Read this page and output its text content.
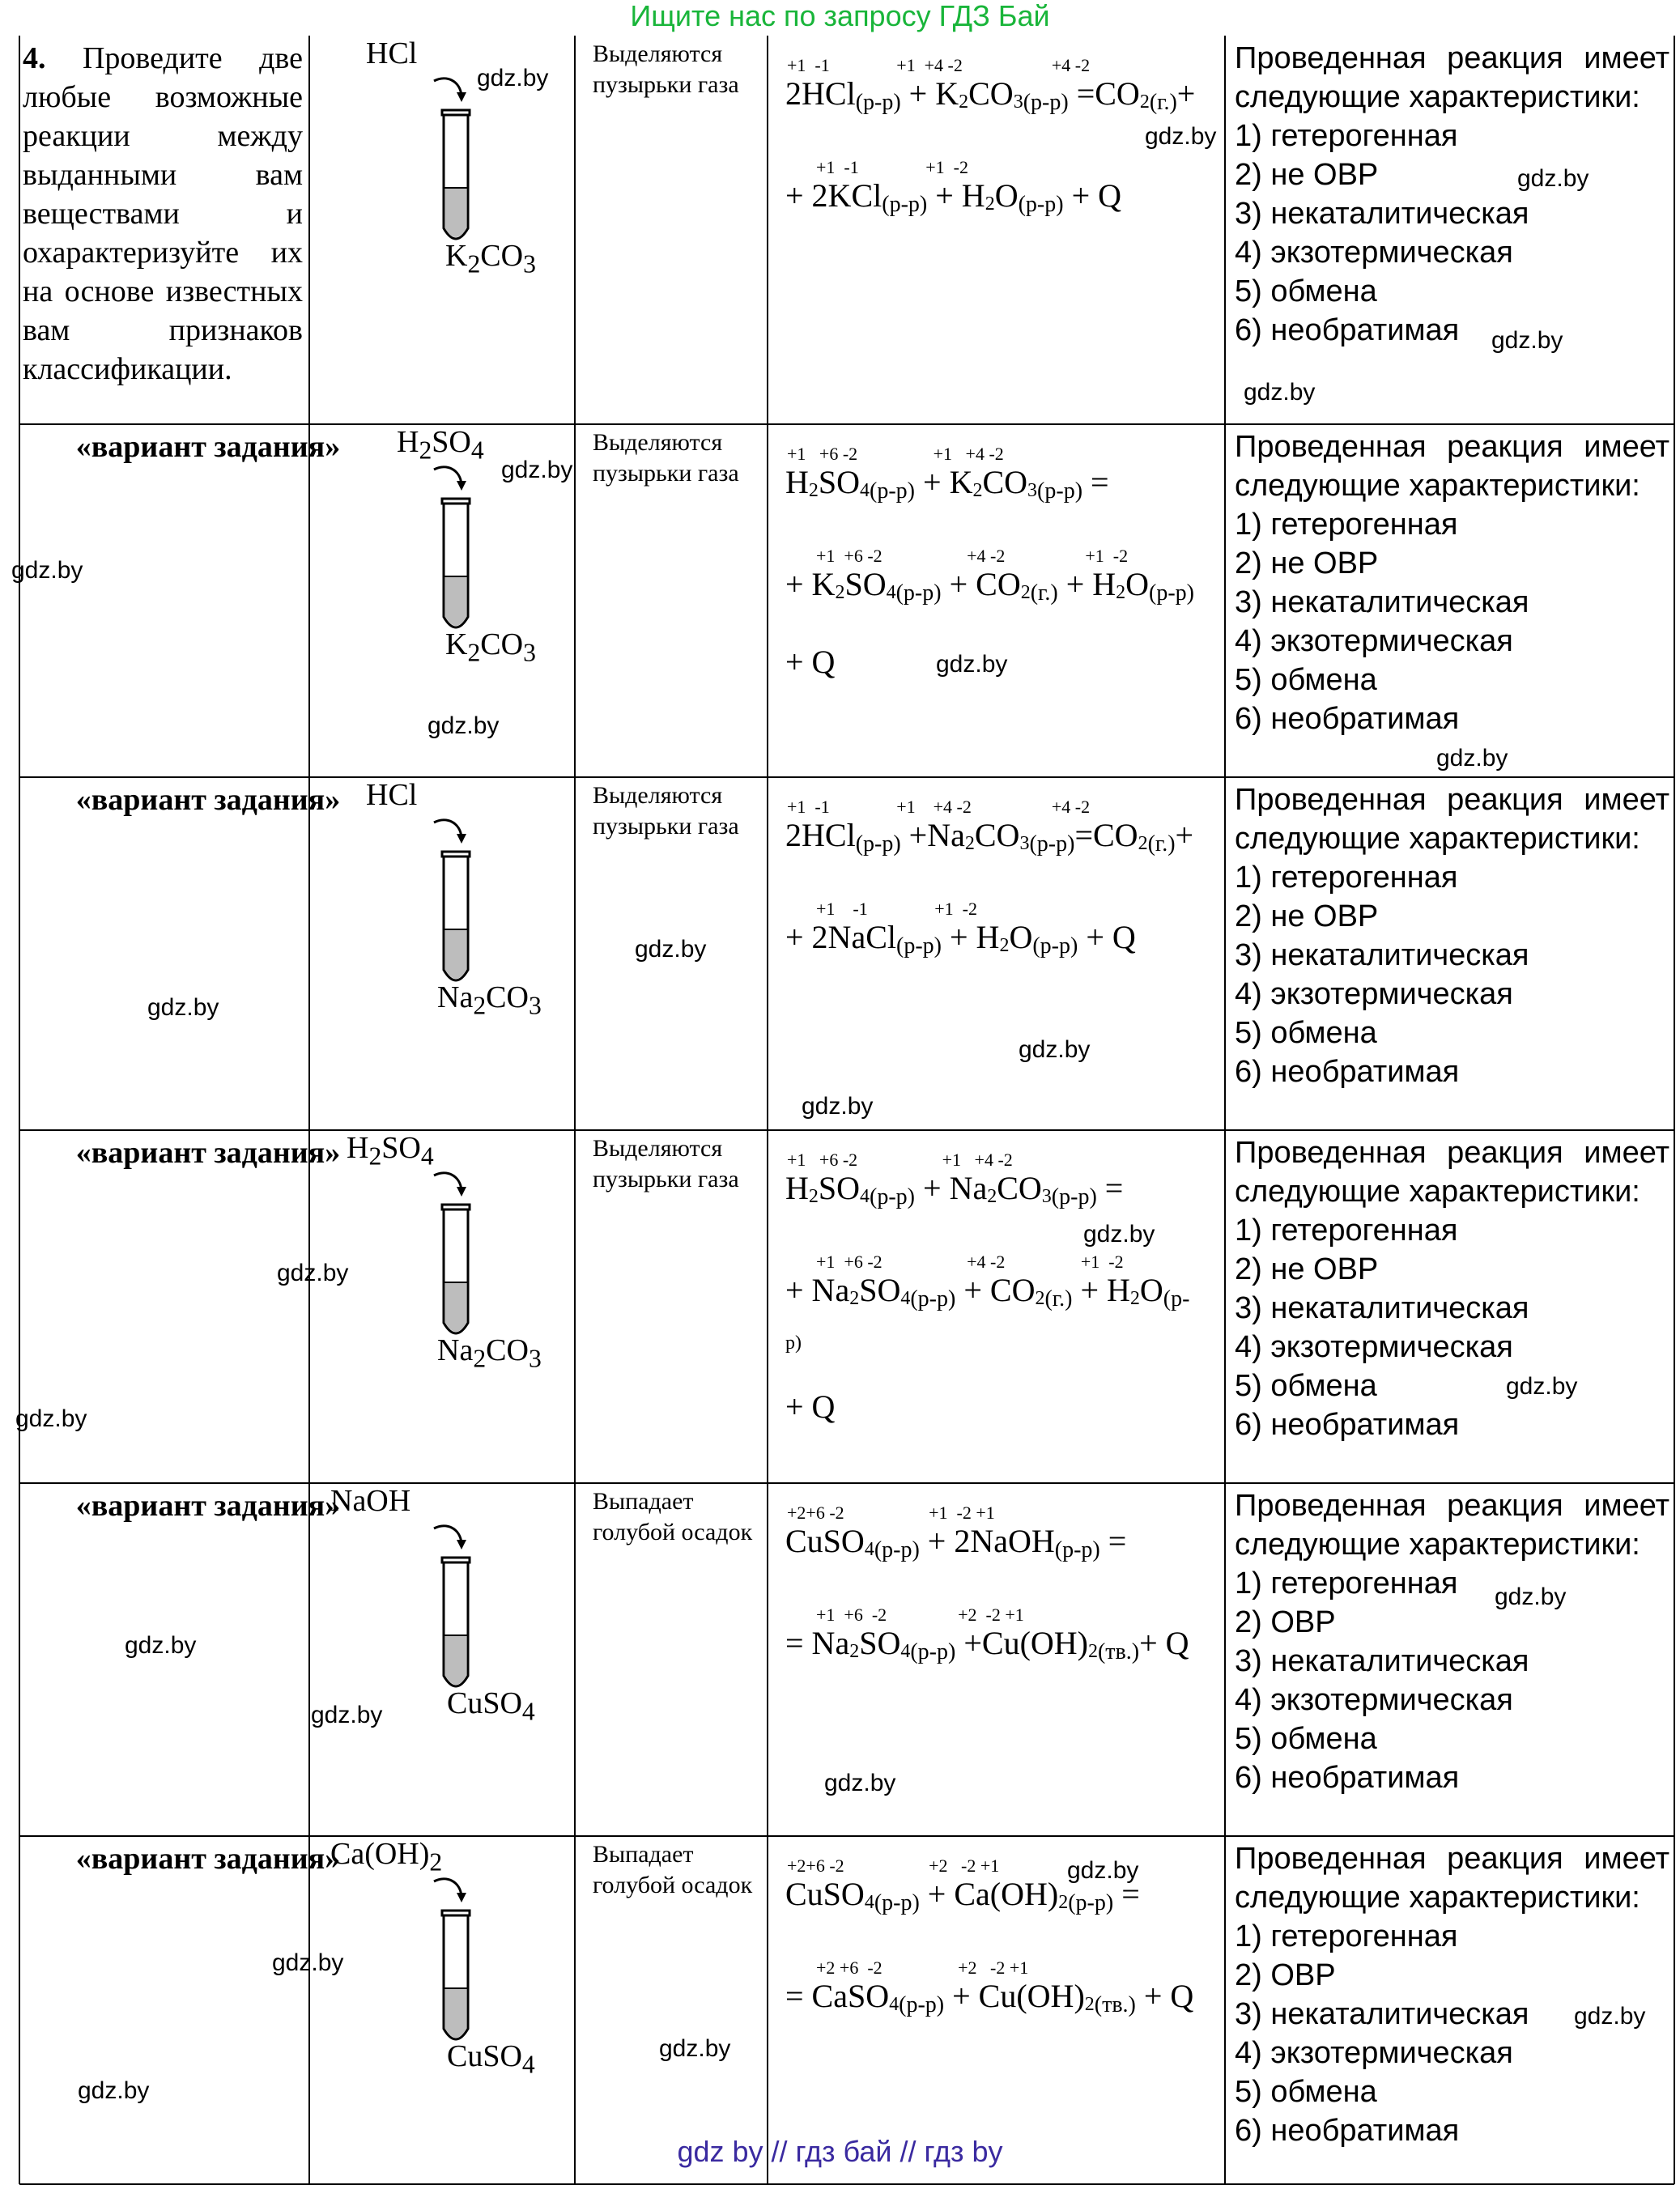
Ищите нас по запросу ГДЗ Бай
4. Проведите две любые возможные реакции между выданными вам веществами и охарактеризуйте их на основе известных вам признаков классификации.
HCl
$K_2CO_3$
Выделяются пузырьки газа
+1  -1               +1  +4 -2                    +4 -2
$2HCl(р-р) + K_2CO_3(р-р) =CO_2(г.)+$
+1  -1               +1  -2
+ $2KCl(р-р) + H_2O(р-р) + Q$
Проведенная реакция имеет следующие характеристики:
1) гетерогенная
2) не ОВР
3) некаталитическая
4) экзотермическая
5) обмена
6) необратимая
«вариант задания» $H_2SO_4$
$K_2CO_3$
Выделяются пузырьки газа
+1   +6 -2                 +1   +4 -2
$H_2SO_4(р-р) + K_2CO_3(р-р)$ =
+1  +6 -2                   +4 -2                  +1  -2
+ $K_2SO_4(р-р) + CO_2(г.) + H_2O(р-р)$
+ Q
Проведенная реакция имеет следующие характеристики:
1) гетерогенная
2) не ОВР
3) некаталитическая
4) экзотермическая
5) обмена
6) необратимая
«вариант задания» HCl
$Na_2CO_3$
Выделяются пузырьки газа
+1  -1               +1    +4 -2                  +4 -2
$2HCl(р-р) +Na_2CO_3(р-р)=CO_2(г.)+$
+1    -1               +1  -2
+ 2NaCl(р-р) + $H_2O(р-р) + Q$
Проведенная реакция имеет следующие характеристики:
1) гетерогенная
2) не ОВР
3) некаталитическая
4) экзотермическая
5) обмена
6) необратимая
«вариант задания» $H_2SO_4$
$Na_2CO_3$
Выделяются пузырьки газа
+1   +6 -2                   +1   +4 -2
$H_2SO_4(р-р) + Na_2CO_3(р-р)$ =
+1  +6 -2                   +4 -2                 +1  -2
+ $Na_2SO_4(р-р) + CO_2(г.) + H_2O(р-$
р)
+ Q
Проведенная реакция имеет следующие характеристики:
1) гетерогенная
2) не ОВР
3) некаталитическая
4) экзотермическая
5) обмена
6) необратимая
«вариант задания»
NaOH
CuSO$_4$
Выпадает голубой осадок
+2+6 -2                   +1  -2 +1
CuSO$_4$(р-р) + 2NaOH(р-р) =
+1  +6  -2                +2  -2 +1
= $Na_2SO_4(р-р) +Cu(OH)_2(тв.)+ Q$
Проведенная реакция имеет следующие характеристики:
1) гетерогенная
2) ОВР
3) некаталитическая
4) экзотермическая
5) обмена
6) необратимая
«вариант задания»
$Ca(OH)_2$
CuSO$_4$
Выпадает голубой осадок
+2+6 -2                   +2   -2 +1
CuSO$_4$(р-р) + $Ca(OH)_2(р-р)$ =
+2 +6  -2                 +2   -2 +1
= CaSO$_4$(р-р) + $Cu(OH)_2(тв.) + Q$
Проведенная реакция имеет следующие характеристики:
1) гетерогенная
2) ОВР
3) некаталитическая
4) экзотермическая
5) обмена
6) необратимая
gdz.by
gdz.by
gdz.by
gdz.by
gdz.by
gdz.by
gdz.by
gdz.by
gdz.by
gdz.by
gdz.by
gdz.by
gdz.by
gdz.by
gdz.by
gdz.by
gdz.by
gdz.by
gdz.by
gdz.by
gdz.by
gdz.by
gdz.by
gdz.by
gdz.by
gdz.by
gdz.by
gdz by // гдз бай // гдз by
